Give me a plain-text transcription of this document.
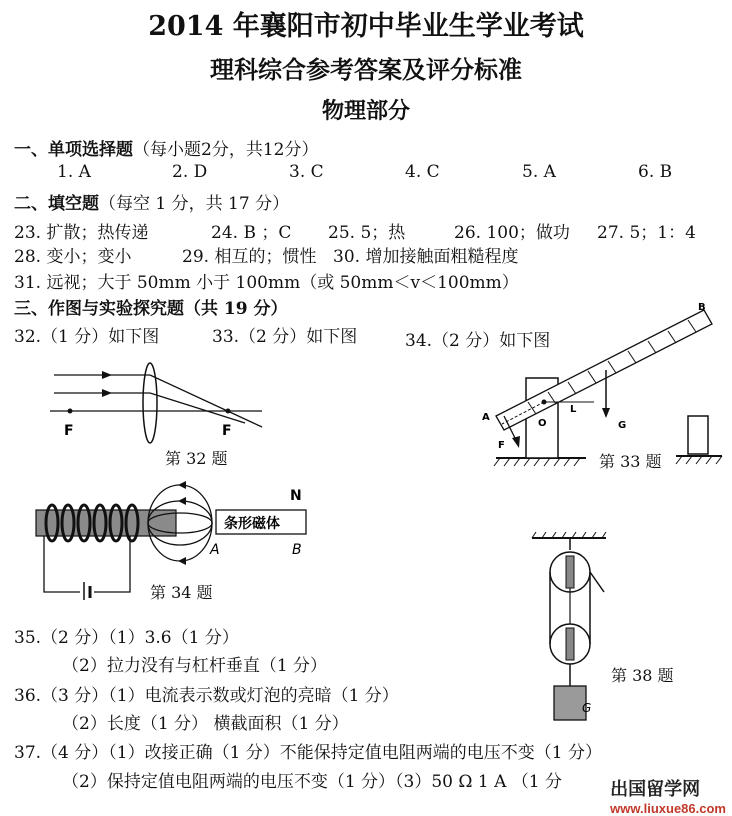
2014 年襄阳市初中毕业生学业考试
理科综合参考答案及评分标准
物理部分
一、单项选择题（每小题2分，共12分）
1. A	2. D	3. C	4. C	5. A	6. B
二、填空题（每空 1 分，共 17 分）
23. 扩散；热传递	24. B ；C 25. 5；热	26. 100；做功 27. 5；1：4
28. 变小；变小	29. 相互的；惯性 30. 增加接触面粗糙程度
31. 远视；大于 50mm 小于 100mm（或 50mm＜v＜100mm）
三、作图与实验探究题（共 19 分）
32.（1 分）如下图	33.（2 分）如下图	34.（2 分）如下图
F	F
第 32 题
B
A
O
L
F
G
第 33 题
条形磁体
N
A	B
第 34 题
G
第 38 题
35.（2 分）（1）3.6（1 分）
（2）拉力没有与杠杆垂直（1 分）
36.（3 分）（1）电流表示数或灯泡的亮暗（1 分）
（2）长度（1 分） 横截面积（1 分）
37.（4 分）（1）改接正确（1 分）不能保持定值电阻两端的电压不变（1 分）
（2）保持定值电阻两端的电压不变（1 分）（3）50 Ω 1 A （1 分	出国留学网
www.liuxue86.com
